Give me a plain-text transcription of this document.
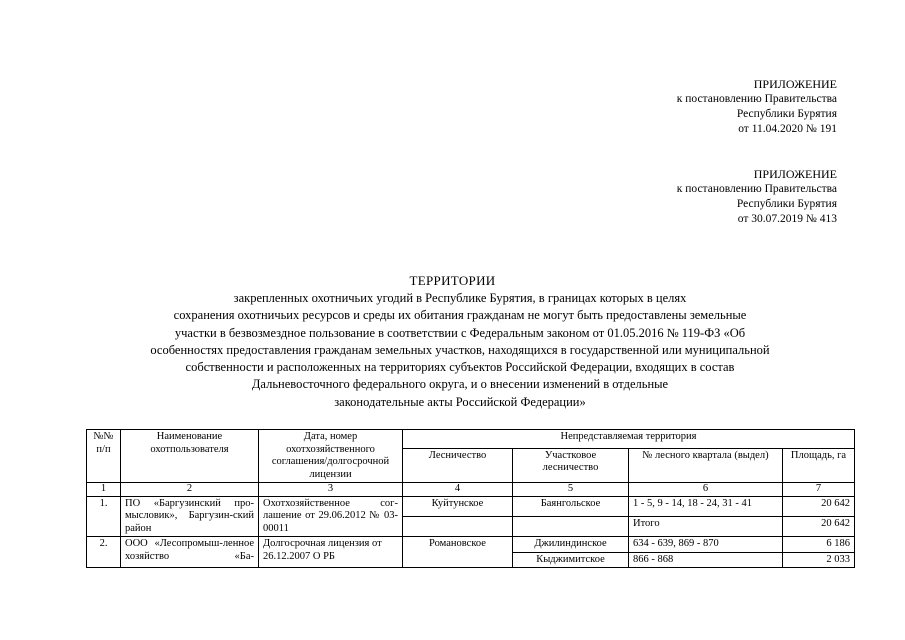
ПРИЛОЖЕНИЕ
к постановлению Правительства
Республики Бурятия
от 11.04.2020 № 191
ПРИЛОЖЕНИЕ
к постановлению Правительства
Республики Бурятия
от 30.07.2019 № 413
ТЕРРИТОРИИ
закрепленных охотничьих угодий в Республике Бурятия, в границах которых в целях
сохранения охотничьих ресурсов и среды их обитания гражданам не могут быть предоставлены земельные
участки в безвозмездное пользование в соответствии с Федеральным законом от 01.05.2016 № 119-ФЗ «Об
особенностях предоставления гражданам земельных участков, находящихся в государственной или муниципальной
собственности и расположенных на территориях субъектов Российской Федерации, входящих в состав
Дальневосточного федерального округа, и о внесении изменений в отдельные
законодательные акты Российской Федерации»
№№ п/п	Наименование охотпользователя	Дата, номер охотхозяйственного соглашения/долгосрочной лицензии	Непредставляемая территория			
			Лесничество	Участковое лесничество	№ лесного квартала (выдел)	Площадь, га
1	2	3	4	5	6	7
1.	ПО «Баргузинский про-мысловик», Баргузин-ский район	Охотхозяйственное сог-лашение от 29.06.2012 № 03-00011	Куйтунское	Баянгольское	1 - 5, 9 - 14, 18 - 24, 31 - 41	20 642
					Итого	20 642
2.	ООО «Лесопромыш-ленное хозяйство «Ба-	Долгосрочная лицензия от 26.12.2007 О РБ	Романовское	Джилиндинское	634 - 639, 869 - 870	6 186
				Кыджимитское	866 - 868	2 033
